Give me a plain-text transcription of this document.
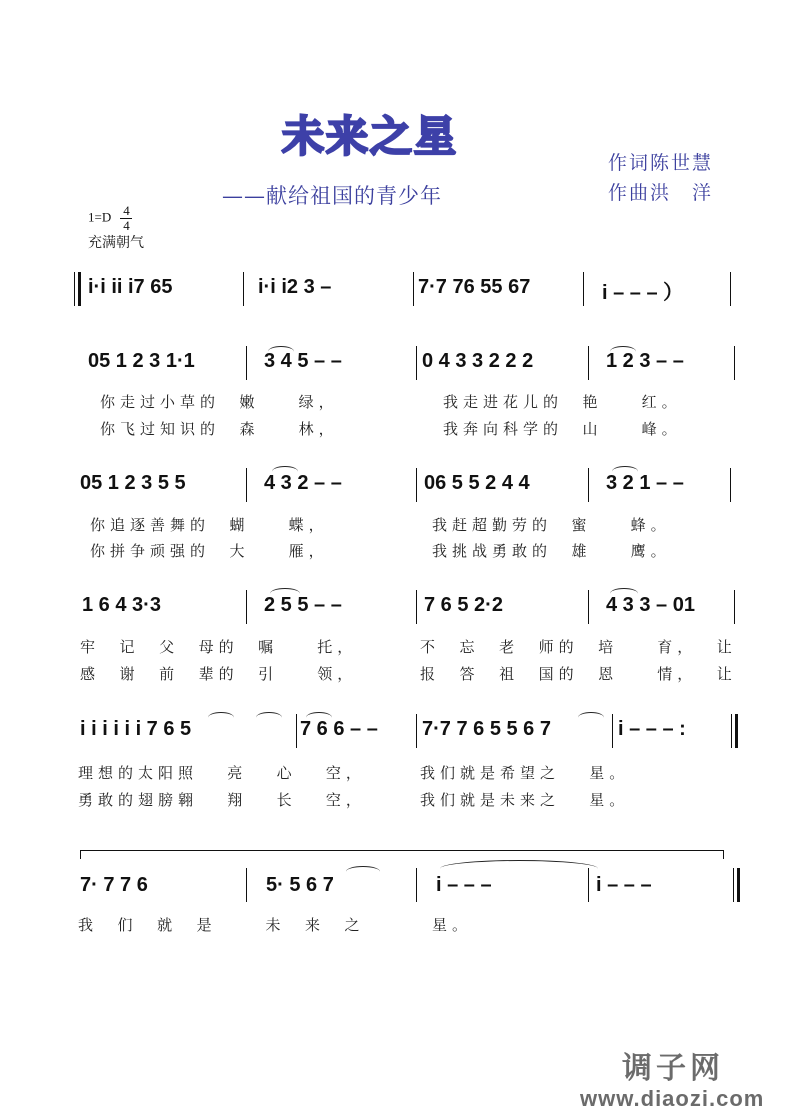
未来之星
——献给祖国的青少年
作词陈世慧
作曲洪　洋
$1=D \frac{4}{4}$
充满朝气
i·i ii i7 65	i·i i2 3 –	7·7 76 55 67	i – – – ）
05 1 2 3 1·1	3 4 5 – –	0 4 3 3 2 2 2	1 2 3 – –
你走过小草的  嫩    绿，	我走进花儿的  艳    红。
你飞过知识的  森    林，	我奔向科学的  山    峰。
05 1 2 3 5 5	4 3 2 – –	06 5 5 2 4 4	3 2 1 – –
你追逐善舞的  蝴    蝶，	我赶超勤劳的  蜜    蜂。
你拼争顽强的  大    雁，	我挑战勇敢的  雄    鹰。
1 6 4 3·3	2 5 5 – –	7 6 5 2·2	4 3 3 – 01
牢  记  父  母的  嘱    托，	不  忘  老  师的  培    育，  让
感  谢  前  辈的  引    领，	报  答  祖  国的  恩    情，  让
i i i i i i 7 6 5	7 6 6 – – 7·7 7 6 5 5 6 7	i – – – :
理想的太阳照   亮   心   空，	我们就是希望之   星。
勇敢的翅膀翱   翔   长   空，	我们就是未来之   星。
7· 7 7 6	5· 5 6 7	i – – –	i – – –
我  们  就  是     未  来  之	星。
调子网
www.diaozi.com
